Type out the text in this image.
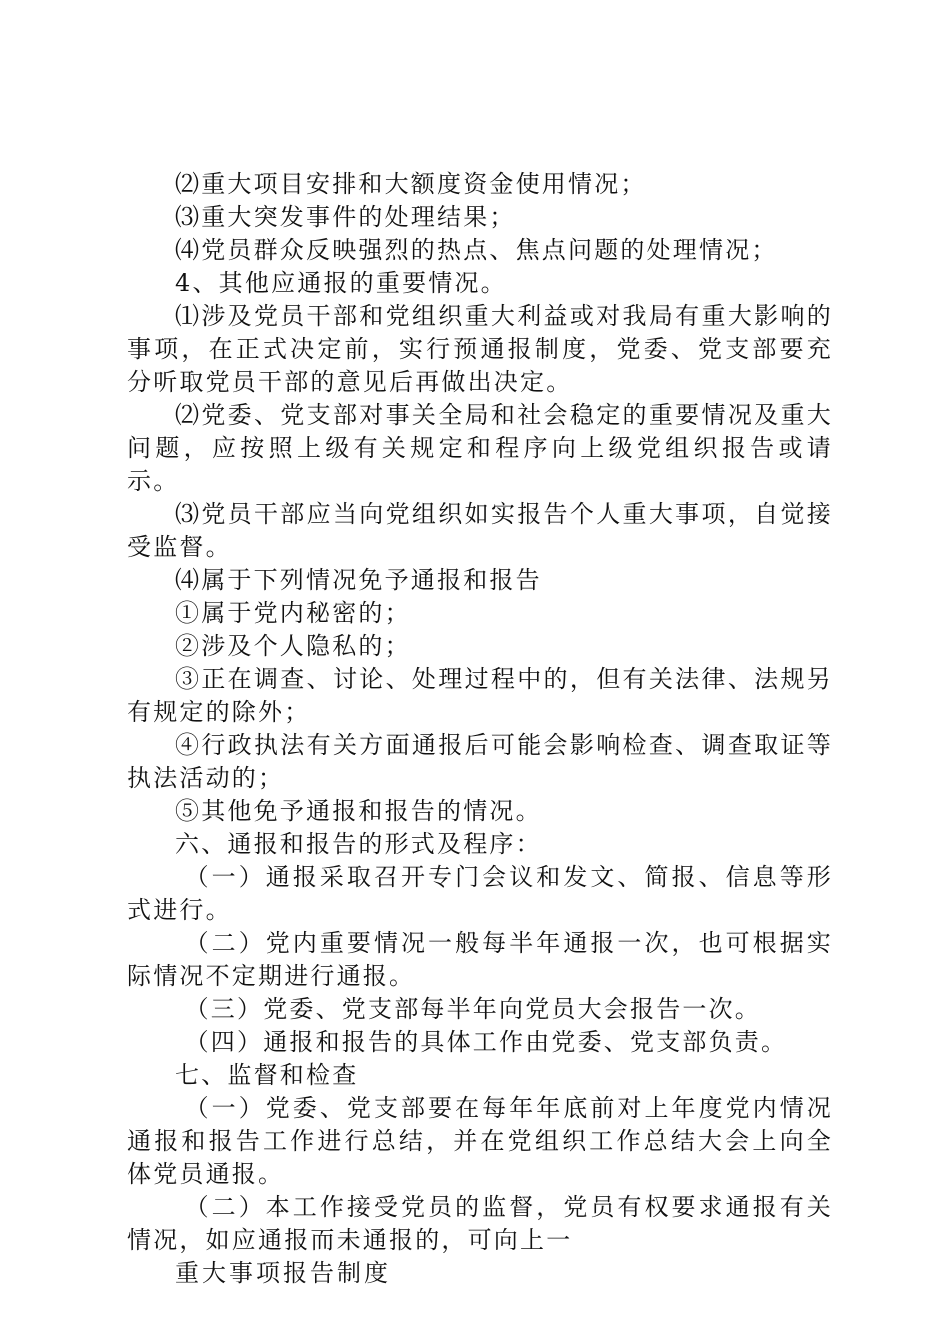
⑵重大项目安排和大额度资金使用情况；

⑶重大突发事件的处理结果；

⑷党员群众反映强烈的热点、焦点问题的处理情况；

4、其他应通报的重要情况。

⑴涉及党员干部和党组织重大利益或对我局有重大影响的事项，在正式决定前，实行预通报制度，党委、党支部要充分听取党员干部的意见后再做出决定。

⑵党委、党支部对事关全局和社会稳定的重要情况及重大问题，应按照上级有关规定和程序向上级党组织报告或请示。

⑶党员干部应当向党组织如实报告个人重大事项，自觉接受监督。

⑷属于下列情况免予通报和报告

①属于党内秘密的；

②涉及个人隐私的；

③正在调查、讨论、处理过程中的，但有关法律、法规另有规定的除外；

④行政执法有关方面通报后可能会影响检查、调查取证等执法活动的；

⑤其他免予通报和报告的情况。

六、通报和报告的形式及程序：

（一）通报采取召开专门会议和发文、简报、信息等形式进行。

（二）党内重要情况一般每半年通报一次，也可根据实际情况不定期进行通报。

（三）党委、党支部每半年向党员大会报告一次。

（四）通报和报告的具体工作由党委、党支部负责。

七、监督和检查

（一）党委、党支部要在每年年底前对上年度党内情况通报和报告工作进行总结，并在党组织工作总结大会上向全体党员通报。

（二）本工作接受党员的监督，党员有权要求通报有关情况，如应通报而未通报的，可向上一

重大事项报告制度
